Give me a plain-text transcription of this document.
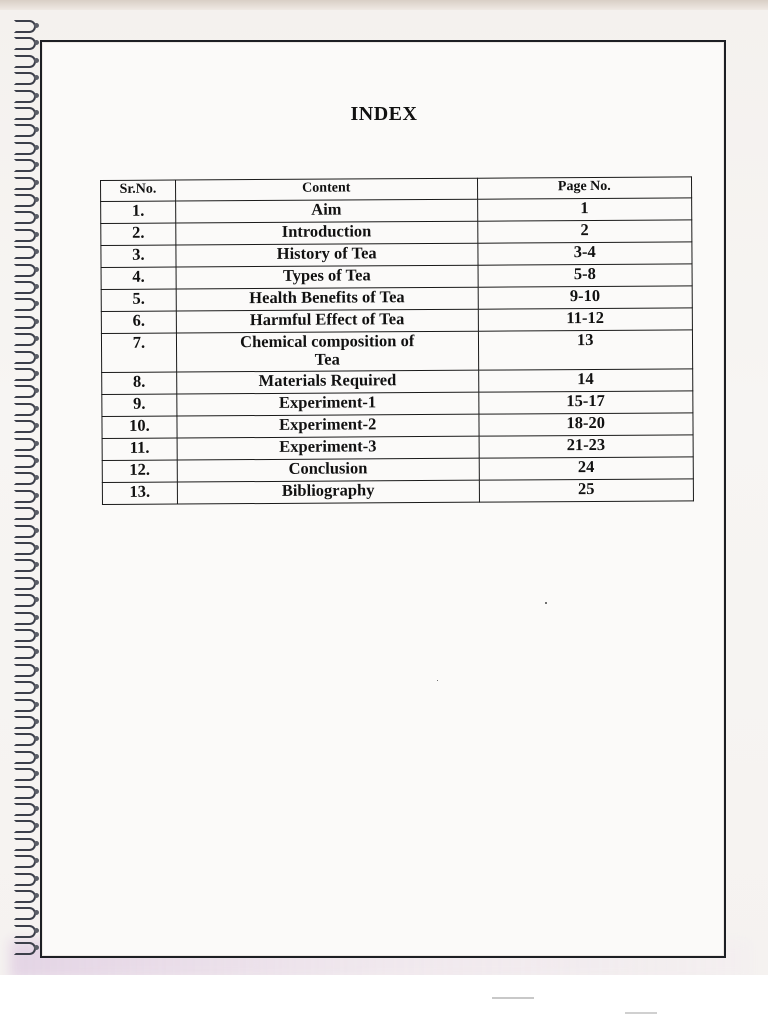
INDEX
Sr.No.	Content	Page No.
1.	Aim	1
2.	Introduction	2
3.	History of Tea	3-4
4.	Types of Tea	5-8
5.	Health Benefits of Tea	9-10
6.	Harmful Effect of Tea	11-12
7.	Chemical composition of Tea	13
8.	Materials Required	14
9.	Experiment-1	15-17
10.	Experiment-2	18-20
11.	Experiment-3	21-23
12.	Conclusion	24
13.	Bibliography	25
